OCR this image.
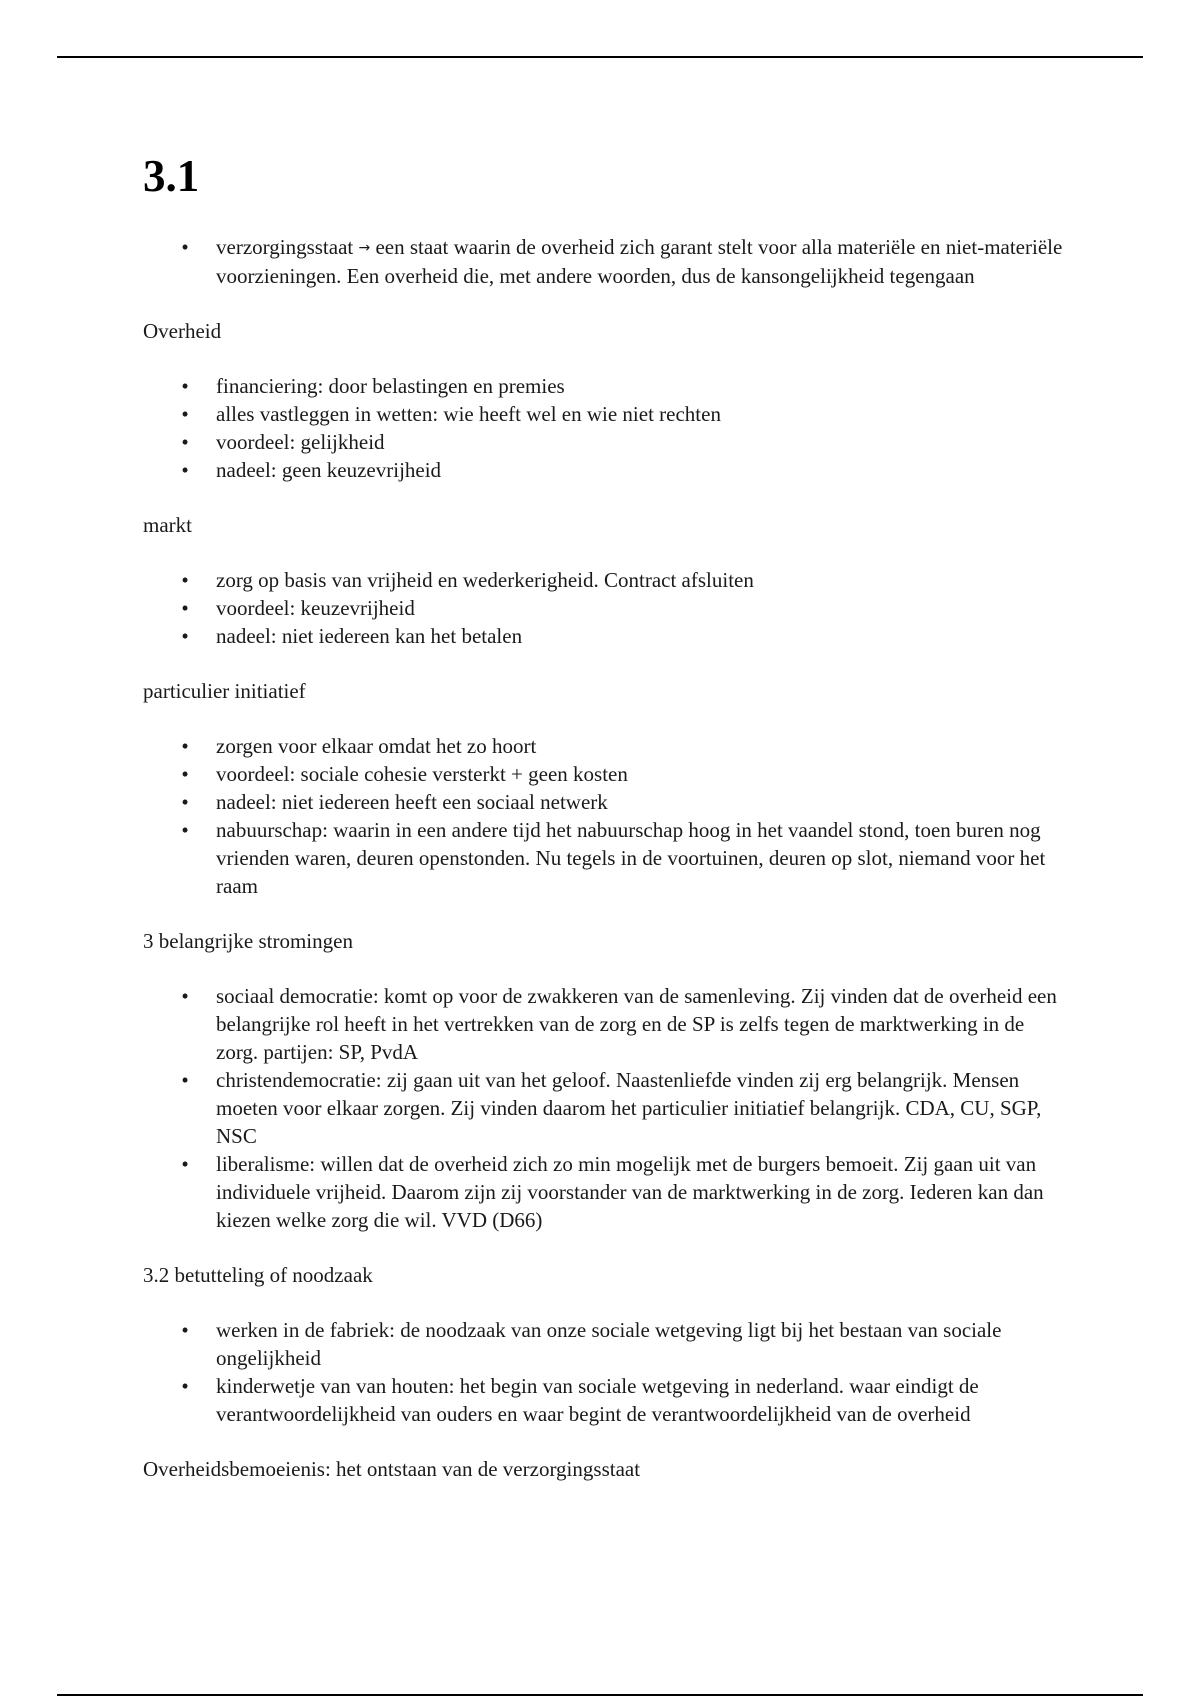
3.1
• verzorgingsstaat → een staat waarin de overheid zich garant stelt voor alla materiële en niet-materiële voorzieningen. Een overheid die, met andere woorden, dus de kansongelijkheid tegengaan
Overheid
• financiering: door belastingen en premies
• alles vastleggen in wetten: wie heeft wel en wie niet rechten
• voordeel: gelijkheid
• nadeel: geen keuzevrijheid
markt
• zorg op basis van vrijheid en wederkerigheid. Contract afsluiten
• voordeel: keuzevrijheid
• nadeel: niet iedereen kan het betalen
particulier initiatief
• zorgen voor elkaar omdat het zo hoort
• voordeel: sociale cohesie versterkt + geen kosten
• nadeel: niet iedereen heeft een sociaal netwerk
• nabuurschap: waarin in een andere tijd het nabuurschap hoog in het vaandel stond, toen buren nog vrienden waren, deuren openstonden. Nu tegels in de voortuinen, deuren op slot, niemand voor het raam
3 belangrijke stromingen
• sociaal democratie: komt op voor de zwakkeren van de samenleving. Zij vinden dat de overheid een belangrijke rol heeft in het vertrekken van de zorg en de SP is zelfs tegen de marktwerking in de zorg. partijen: SP, PvdA
• christendemocratie: zij gaan uit van het geloof. Naastenliefde vinden zij erg belangrijk. Mensen moeten voor elkaar zorgen. Zij vinden daarom het particulier initiatief belangrijk. CDA, CU, SGP, NSC
• liberalisme: willen dat de overheid zich zo min mogelijk met de burgers bemoeit. Zij gaan uit van individuele vrijheid. Daarom zijn zij voorstander van de marktwerking in de zorg. Iederen kan dan kiezen welke zorg die wil. VVD (D66)
3.2 betutteling of noodzaak
• werken in de fabriek: de noodzaak van onze sociale wetgeving ligt bij het bestaan van sociale ongelijkheid
• kinderwetje van van houten: het begin van sociale wetgeving in nederland. waar eindigt de verantwoordelijkheid van ouders en waar begint de verantwoordelijkheid van de overheid
Overheidsbemoeienis: het ontstaan van de verzorgingsstaat
